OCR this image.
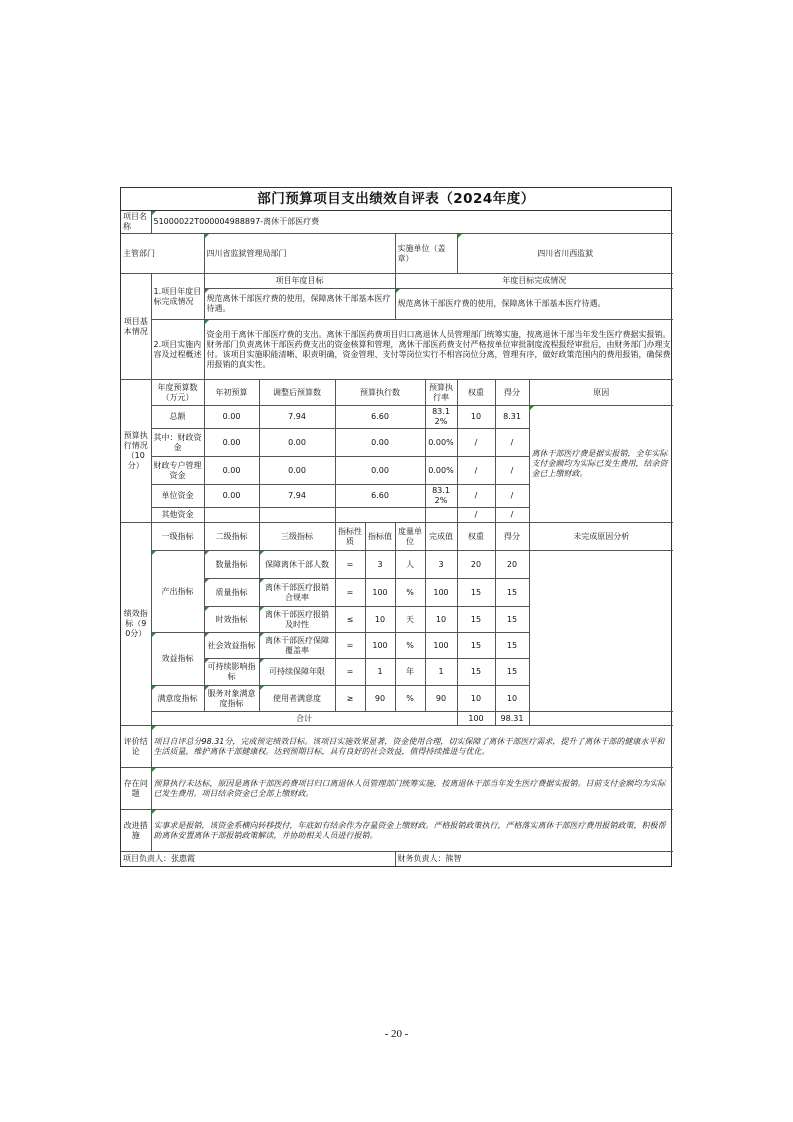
部门预算项目支出绩效自评表（2024年度）
项目名称	51000022T000004988897-离休干部医疗费									
主管部门		四川省监狱管理局部门				实施单位（盖章）		四川省川西监狱		
项目基本情况	1.项目年度目标完成情况	项目年度目标				年度目标完成情况				
		规范离休干部医疗费的使用，保障离休干部基本医疗待遇。				规范离休干部医疗费的使用，保障离休干部基本医疗待遇。				
	2.项目实施内容及过程概述	资金用于离休干部医疗费的支出。离休干部医药费项目归口离退休人员管理部门统筹实施，按离退休干部当年发生医疗费据实报销。财务部门负责离休干部医药费支出的资金核算和管理，离休干部医药费支付严格按单位审批制度流程报经审批后，由财务部门办理支付。该项目实施职能清晰、职责明确，资金管理、支付等岗位实行不相容岗位分离，管理有序，做好政策范围内的费用报销，确保费用报销的真实性。								
预算执行情况（10分）	年度预算数（万元）	年初预算	调整后预算数	预算执行数			预算执行率	权重	得分	原因
	总额	0.00	7.94	6.60			83.12%	10	8.31	离休干部医疗费是据实报销，全年实际支付金额均为实际已发生费用，结余资金已上缴财政。
	其中：财政资金	0.00	0.00	0.00			0.00%	/	/	
	财政专户管理资金	0.00	0.00	0.00			0.00%	/	/	
	单位资金	0.00	7.94	6.60			83.12%	/	/	
	其他资金							/	/	
绩效指标（90分）	一级指标	二级指标	三级指标	指标性质	指标值	度量单位	完成值	权重	得分	未完成原因分析
	产出指标	数量指标	保障离休干部人数	=	3	人	3	20	20	
		质量指标	离休干部医疗报销合规率	=	100	%	100	15	15	
		时效指标	离休干部医疗报销及时性	≤	10	天	10	15	15	
	效益指标	社会效益指标	离休干部医疗保障覆盖率	=	100	%	100	15	15	
		可持续影响指标	可持续保障年限	=	1	年	1	15	15	
	满意度指标	服务对象满意度指标	使用者满意度	≥	90	%	90	10	10	
	合计							100	98.31	
评价结论	项目自评总分98.31分，完成预定绩效目标。该项目实施效果显著，资金使用合理，切实保障了离休干部医疗需求，提升了离休干部的健康水平和生活质量，维护离休干部健康权。达到预期目标，具有良好的社会效益，值得持续推进与优化。									
存在问题	预算执行未达标，原因是离休干部医药费项目归口离退休人员管理部门统筹实施，按离退休干部当年发生医疗费据实报销。目前支付金额均为实际已发生费用。项目结余资金已全部上缴财政。									
改进措施	实事求是报销，该资金系横向转移拨付，年底如有结余作为存量资金上缴财政。严格报销政策执行，严格落实离休干部医疗费用报销政策，积极帮助离休安置离休干部报销政策解读，并协助相关人员进行报销。									
项目负责人：张惠霞						财务负责人：熊智				
- 20 -
